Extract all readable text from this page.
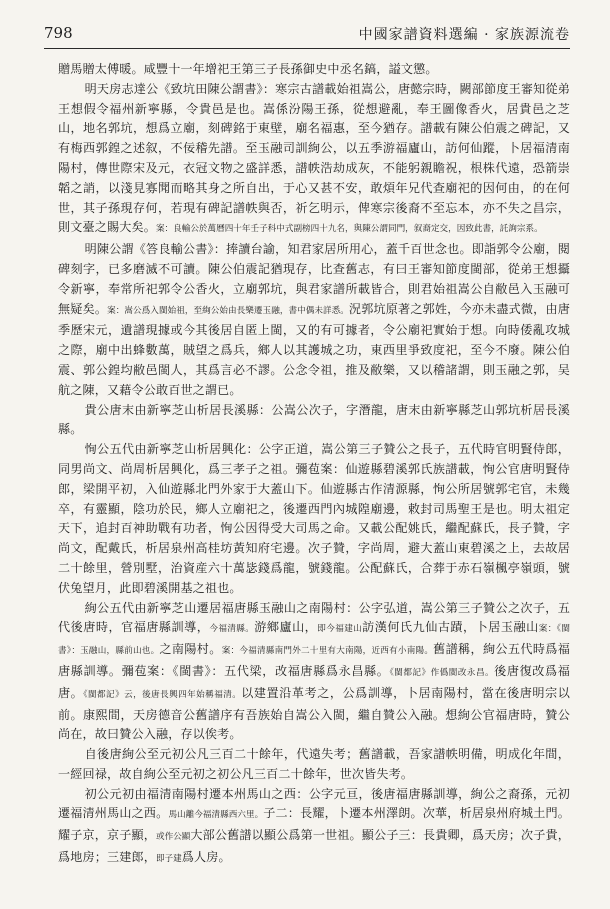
798	中國家譜資料選編 · 家族源流卷

贈馬贈太傅暖。咸豐十一年增祀王第三子長孫御史中丞名鎬，謚文懲。

明天房志達公《致坑田陳公謂書》：寒宗古譜載始祖嵩公，唐懿宗時，闕部節度王審知從弟王想假令福州新寧縣，令貴邑是也。嵩係汾陽王孫，從想避亂，奉王圖像香火，居貴邑之芝山，地名郭坑，想爲立廟，刻碑銘于東壁，廟名福惠，至今猶存。譜載有陳公伯震之碑記，又有梅西郭鍠之述叙，不佞稽先譜。至玉融司訓絢公，以五季游福廬山，訪何仙蹤，卜居福清南陽村，傳世際宋及元，衣冠文物之盛詳悉，譜帙浩劫成灰，不能躬親瞻祝，根株代遠，恐箭崇韜之誚，以淺見寡聞而略其身之所自出，于心又甚不安，敢煩年兄代查廟祀的因何由，的在何世，其子孫現存何，若現有碑記譜帙與否，祈乞明示，俾寒宗後裔不至忘本，亦不失之昌宗，則文臺之賜大矣。案：良輸公於萬曆四十年壬子科中式副榜四十九名，與陳公謂同門，叙裔定交，因致此書，託詢宗系。

明陳公謂《答良輸公書》：捧讀台諭，知君家居所用心，蓋千百世念也。即詣郭令公廟，閱碑刻字，已多磨滅不可讀。陳公伯震記猶現存，比查舊志，有曰王審知節度閩部，從弟王想攝令新寧，奉常所祀郭令公香火，立廟郭坑，與君家譜所載皆合，則君始祖嵩公自敝邑入玉融可無疑矣。案：嵩公爲入閩始祖，至絢公始由長樂遷玉融，書中偶未詳悉。況郭坑原著之郭姓，今亦未盡式微，由唐季歷宋元，遺譜現據或今其後居自匿上閩，又的有可據者，令公廟祀實始于想。向時倭亂攻城之際，廟中出蜂數萬，賊望之爲兵，鄉人以其護城之功，東西里爭致度祀，至今不廢。陳公伯震、郭公鍠均敝邑閩人，其爲言必不謬。公念令祖，推及敝樂，又以稽諸謂，則玉融之郭，吴航之陳，又藉令公敢百世之謂已。

貴公唐末由新寧芝山析居長溪縣：公嵩公次子，字潛龍，唐末由新寧縣芝山郭坑析居長溪縣。

恂公五代由新寧芝山析居興化：公字正道，嵩公第三子贊公之長子，五代時官明賢侍郎，同男尚文、尚周析居興化，爲三孝子之祖。彌苞案：仙遊縣碧溪郭氏族譜載，恂公官唐明賢侍郎，梁開平初，入仙遊縣北門外家于大蓋山下。仙遊縣古作清源縣，恂公所居號郭宅官，未幾卒，有靈顯，陰功於民，鄉人立廟祀之，後遷西門內城隍廟邊，敕封司馬聖王是也。明太祖定天下，追封百神助戰有功者，恂公因得受大司馬之命。又載公配姚氏，繼配蘇氏，長子贊，字尚文，配戴氏，析居泉州高桂坊黃知府宅邊。次子贊，字尚周，避大蓋山東碧溪之上，去故居二十餘里，營別墅，治資産六十萬毖錢爲龍，號錢龍。公配蘇氏，合葬于赤石嶺楓亭嶺頭，號伏兔望月，此即碧溪開基之祖也。

絢公五代由新寧芝山遷居福唐縣玉融山之南陽村：公字弘道，嵩公第三子贊公之次子，五代後唐時，官福唐縣訓導，今福清縣。游鄉廬山，即今福建山訪漢何氏九仙古蹟，卜居玉融山案：《閩書》：玉融山，縣前山也。之南陽村。案：今福清縣南門外二十里有大南陽，近西有小南陽。舊譜稱，絢公五代時爲福唐縣訓導。彌苞案：《閩書》：五代梁，改福唐縣爲永昌縣。《閩都記》作僞閩改永昌。後唐復改爲福唐。《閩都記》云，後唐長興四年始稱福清。以建置沿革考之，公爲訓導，卜居南陽村，當在後唐明宗以前。康熙間，天房德音公舊譜序有吾族始自嵩公入閩，繼自贊公入融。想絢公官福唐時，贊公尚在，故曰贊公入融，存以俟考。

自後唐絢公至元初公凡三百二十餘年，代遠失考；舊譜載，吾家譜帙明備，明成化年間，一經回禄，故自絢公至元初之初公凡三百二十餘年，世次皆失考。

初公元初由福清南陽村遷本州馬山之西：公字元亘，後唐福唐縣訓導，絢公之裔孫，元初遷福清州馬山之西。馬山離今福清縣西六里。子二：長耀，卜遷本州澤朗。次華，析居泉州府城土門。耀子京，京子顯，或作公顯大部公舊譜以顯公爲第一世祖。顯公子三：長貴卿，爲天房；次子貴，爲地房；三建郎，即子建爲人房。
